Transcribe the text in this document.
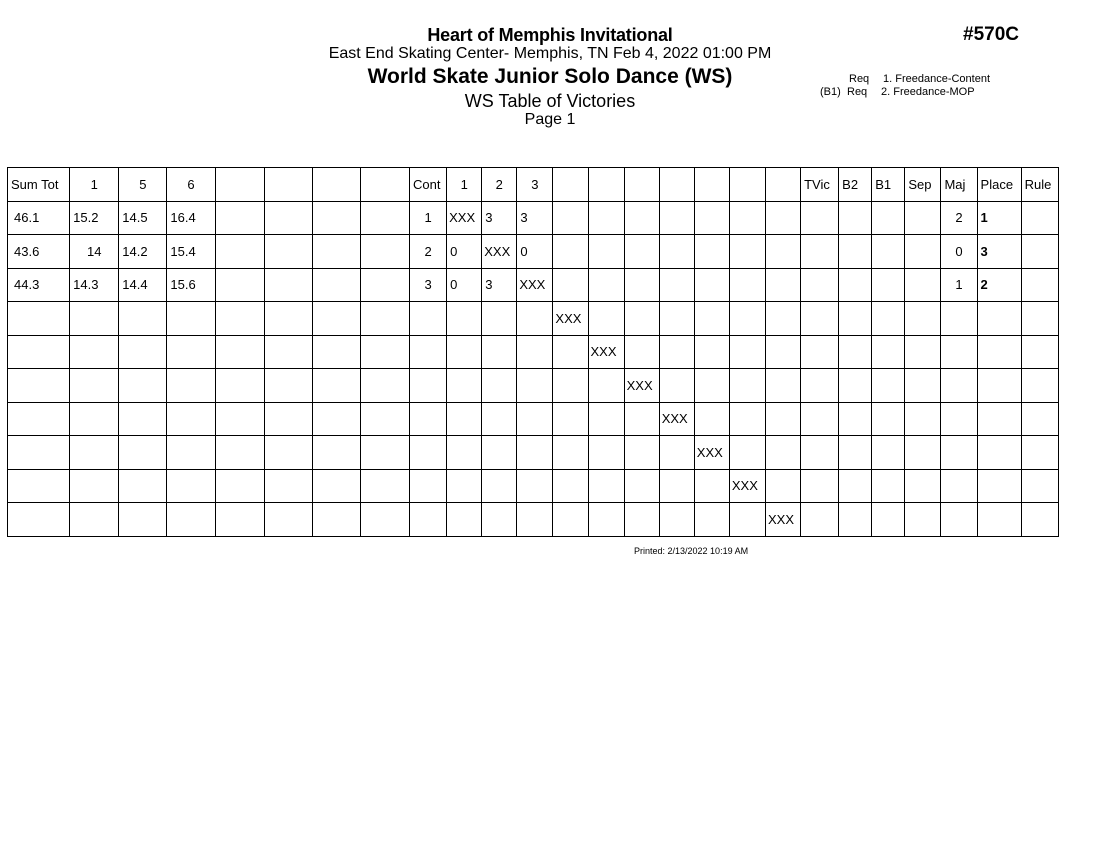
Heart of Memphis Invitational
East End Skating Center- Memphis, TN Feb 4, 2022 01:00 PM
World Skate Junior Solo Dance (WS)
WS Table of Victories
Page 1
#570C
Req 1. Freedance-Content
(B1) Req 2. Freedance-MOP
Sum Tot	1	5	6					Cont	1	2	3								TVic	B2	B1	Sep	Maj	Place	Rule
46.1	15.2	14.5	16.4					1	XXX	3	3												2	1	
43.6	14	14.2	15.4					2	0	XXX	0												0	3	
44.3	14.3	14.4	15.6					3	0	3	XXX												1	2	
												XXX													
													XXX												
														XXX											
															XXX										
																XXX									
																	XXX								
																		XXX							
Printed: 2/13/2022 10:19 AM
